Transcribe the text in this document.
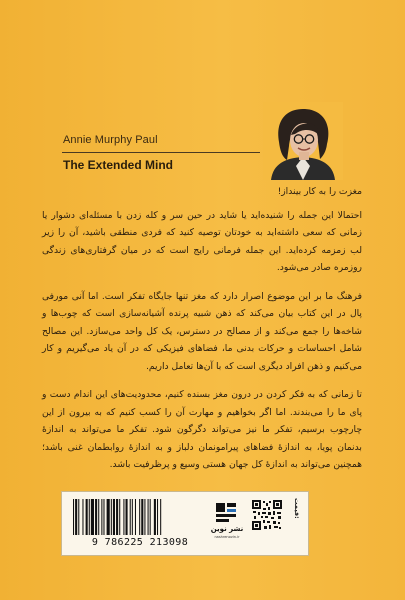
Annie Murphy Paul
The Extended Mind

مغزت را به کار بینداز!

احتمالا این جمله را شنیده‌اید یا شاید در حین سر و کله زدن با مسئله‌ای دشوار یا زمانی که سعی داشته‌اید به خودتان توصیه کنید که فردی منطقی باشید، آن را زیر لب زمزمه کرده‌اید. این جمله فرمانی رایج است که در میان گرفتاری‌های زندگی روزمره صادر می‌شود.

فرهنگ ما بر این موضوع اصرار دارد که مغز تنها جایگاه تفکر است. اما آنی مورفی پال در این کتاب بیان می‌کند که ذهن شبیه پرنده‌ آشیانه‌سازی است که چوب‌ها و شاخه‌ها را جمع می‌کند و از مصالح در دسترس، یک کل واحد می‌سازد. این مصالح شامل احساسات و حرکات بدنی ما، فضاهای فیزیکی که در آن یاد می‌گیریم و کار می‌کنیم و ذهن افراد دیگری است که با آن‌ها تعامل داریم.

تا زمانی که به فکر کردن در درون مغز بسنده کنیم، محدودیت‌های این اندام دست و پای ما را می‌بندند. اما اگر بخواهیم و مهارت آن را کسب کنیم که به بیرون از این چارچوب برسیم، تفکر ما نیز می‌تواند دگرگون شود. تفکر ما می‌تواند به اندازهٔ بدنمان پویا، به اندازهٔ فضاهای پیرامونمان دلباز و به اندازهٔ روابطمان غنی باشد؛ همچنین می‌تواند به اندازهٔ کل جهان هستی وسیع و پرظرفیت باشد.

9 786225 213098
نشر نوین
nashrenovin.ir
قیمت:
